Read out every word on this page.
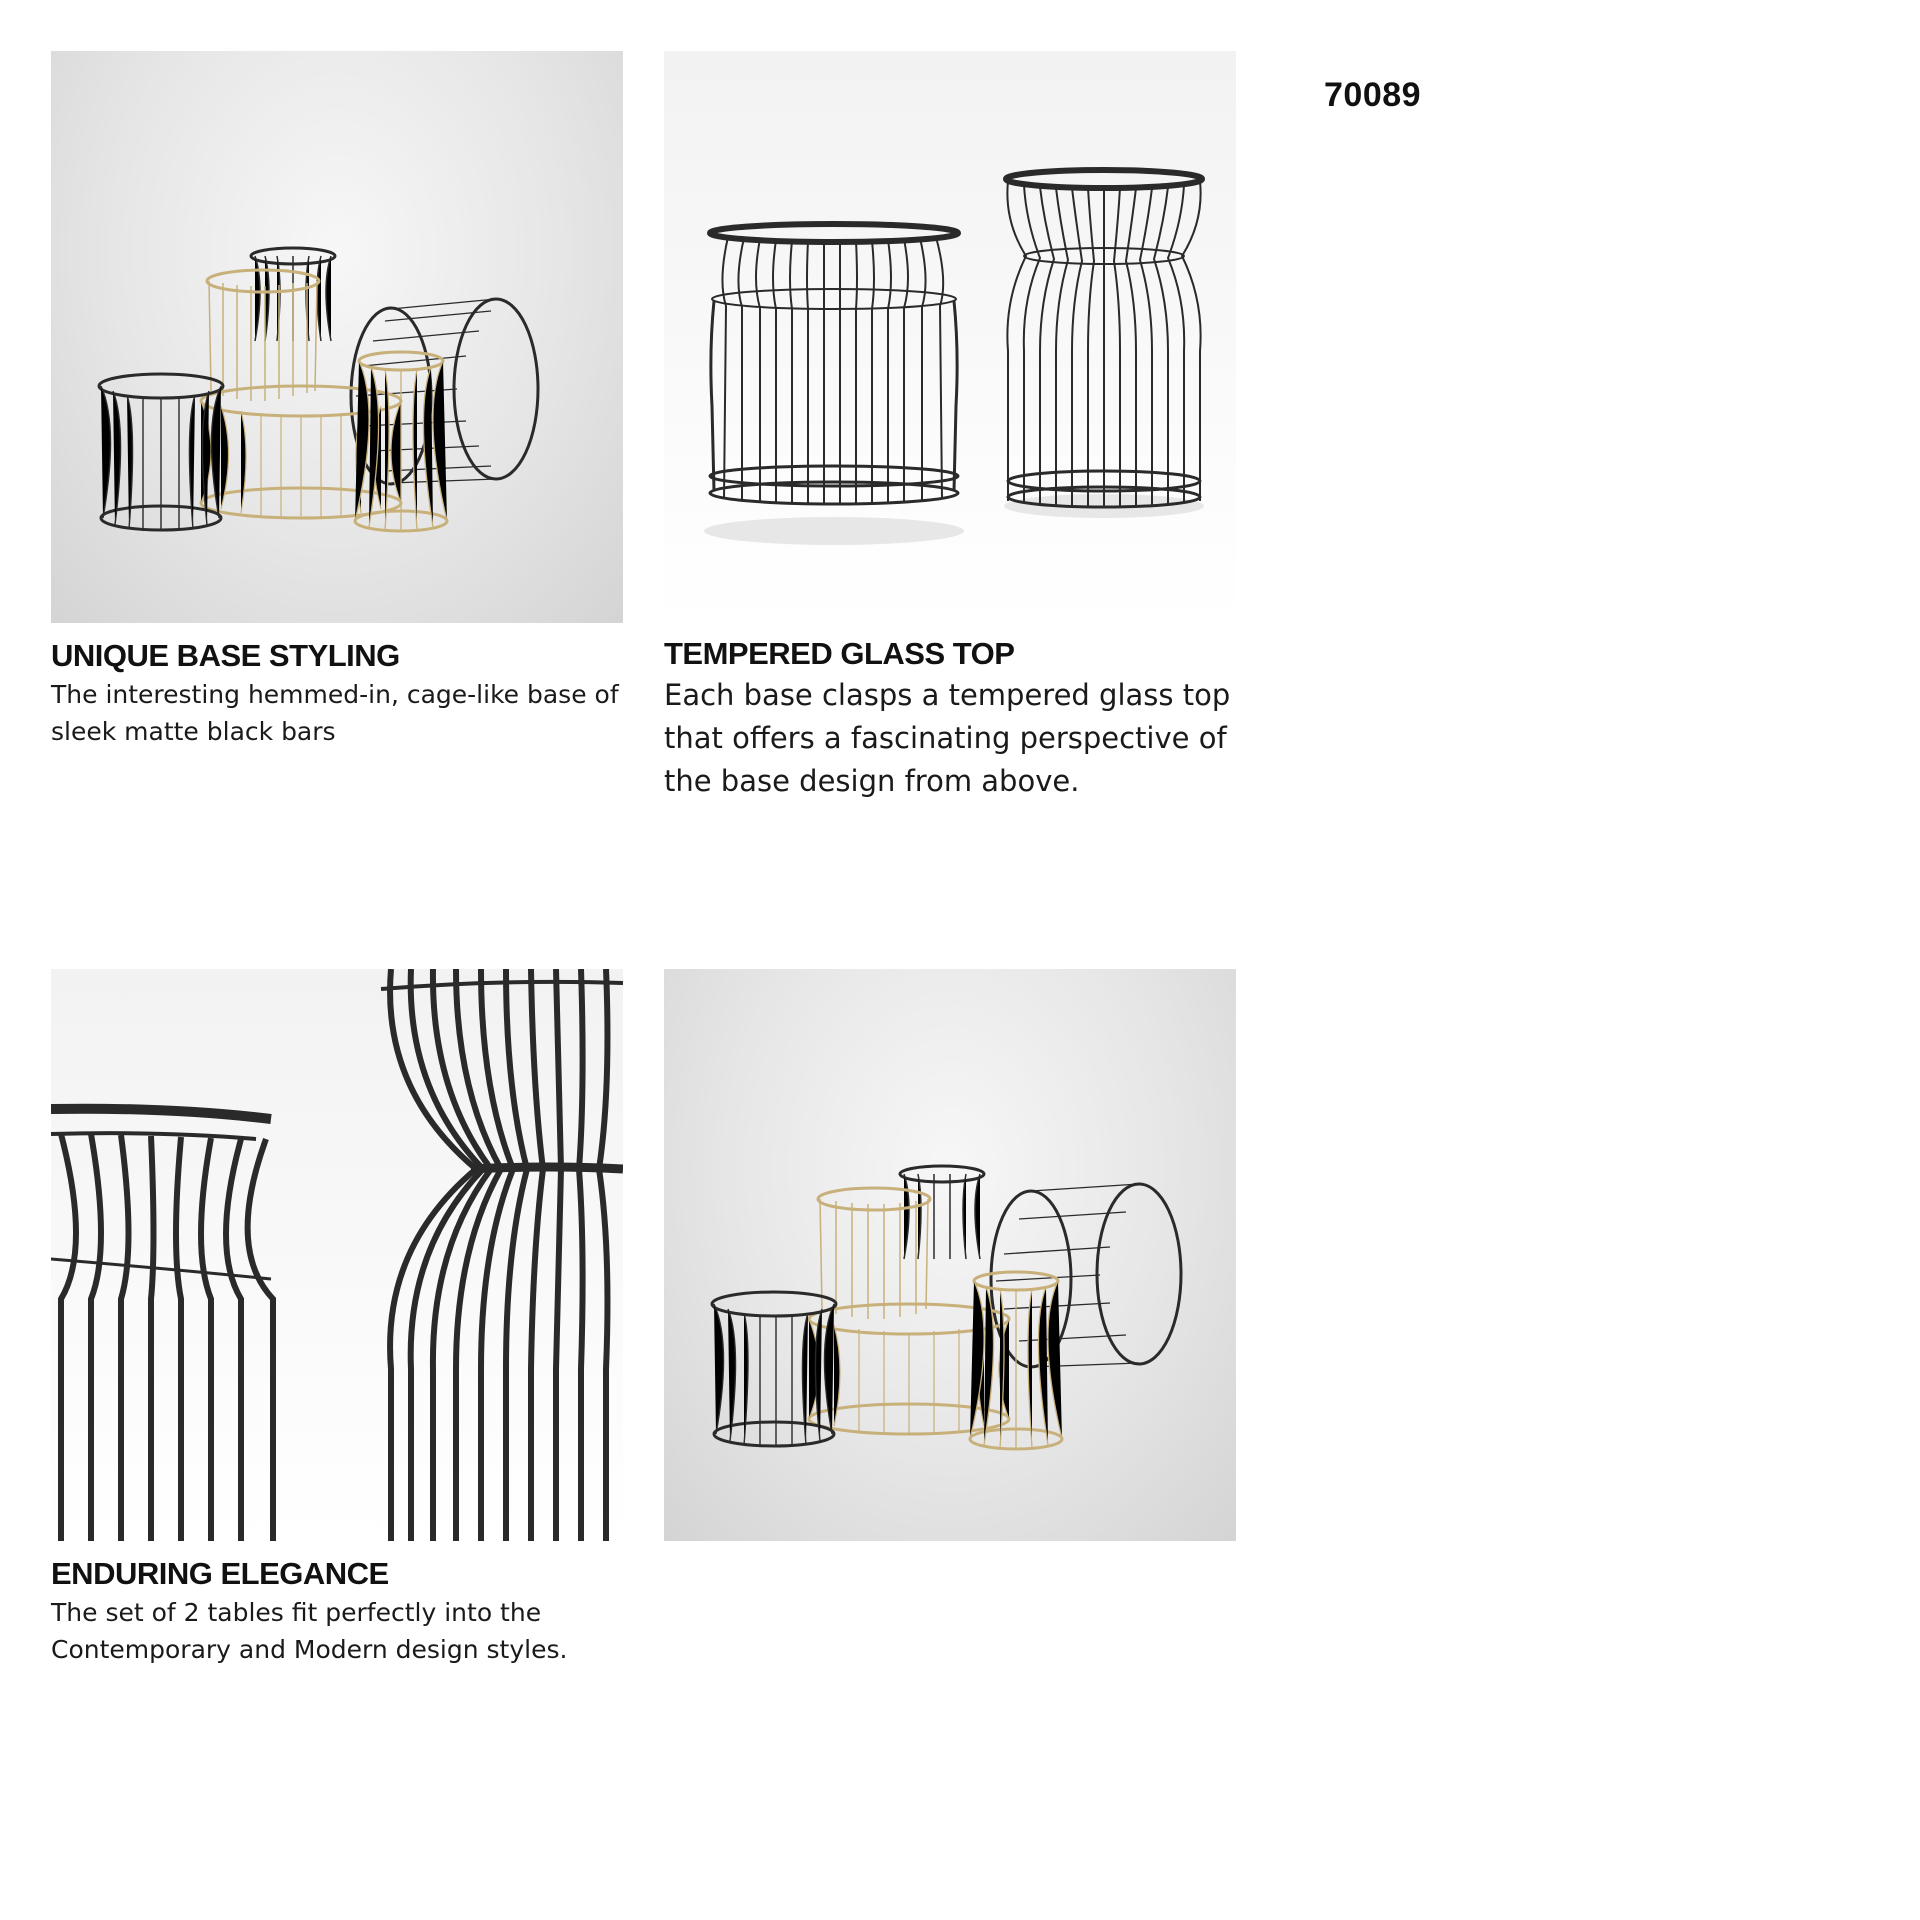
70089
UNIQUE BASE STYLING

The interesting hemmed-in, cage-like base of sleek matte black bars

TEMPERED GLASS TOP

Each base clasps a tempered glass top that offers a fascinating perspective of the base design from above.

ENDURING ELEGANCE

The set of 2 tables fit perfectly into the Contemporary and Modern design styles.
